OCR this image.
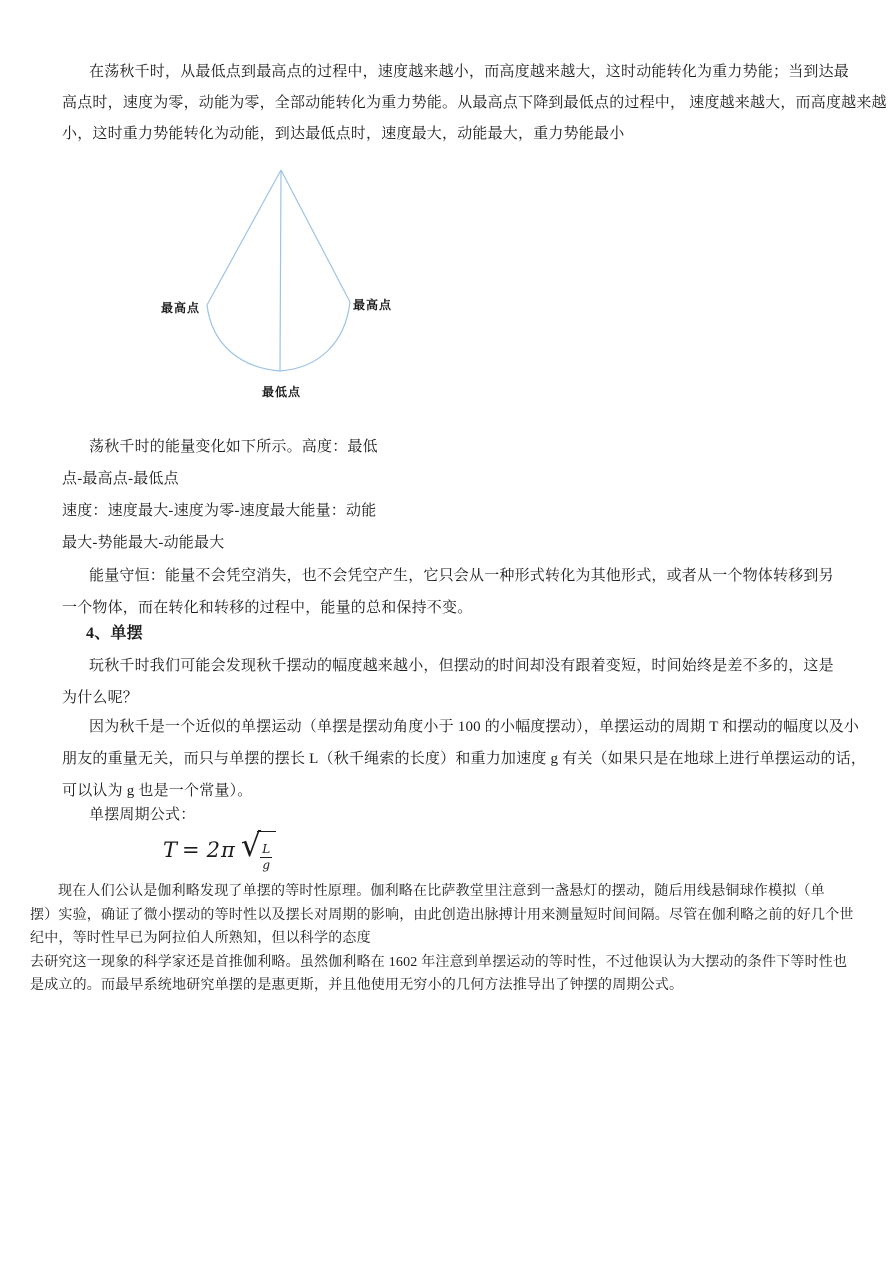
在荡秋千时，从最低点到最高点的过程中，速度越来越小，而高度越来越大，这时动能转化为重力势能；当到达最
高点时，速度为零，动能为零，全部动能转化为重力势能。从最高点下降到最低点的过程中， 速度越来越大，而高度越来越
小，这时重力势能转化为动能，到达最低点时，速度最大，动能最大，重力势能最小
最高点	最高点
最低点
荡秋千时的能量变化如下所示。高度：最低
点-最高点-最低点
速度：速度最大-速度为零-速度最大能量：动能
最大-势能最大-动能最大
能量守恒：能量不会凭空消失，也不会凭空产生，它只会从一种形式转化为其他形式，或者从一个物体转移到另
一个物体，而在转化和转移的过程中，能量的总和保持不变。
4、单摆
玩秋千时我们可能会发现秋千摆动的幅度越来越小，但摆动的时间却没有跟着变短，时间始终是差不多的，这是
为什么呢？
因为秋千是一个近似的单摆运动（单摆是摆动角度小于 100 的小幅度摆动），单摆运动的周期 T 和摆动的幅度以及小
朋友的重量无关，而只与单摆的摆长 L（秋千绳索的长度）和重力加速度 g 有关（如果只是在地球上进行单摆运动的话，
可以认为 g 也是一个常量）。
单摆周期公式：
T = 2π √ $\frac{L}{g}$
现在人们公认是伽利略发现了单摆的等时性原理。伽利略在比萨教堂里注意到一盏悬灯的摆动，随后用线悬铜球作模拟（单
摆）实验，确证了微小摆动的等时性以及摆长对周期的影响，由此创造出脉搏计用来测量短时间间隔。尽管在伽利略之前的好几个世
纪中，等时性早已为阿拉伯人所熟知，但以科学的态度
去研究这一现象的科学家还是首推伽利略。虽然伽利略在 1602 年注意到单摆运动的等时性，不过他误认为大摆动的条件下等时性也
是成立的。而最早系统地研究单摆的是惠更斯，并且他使用无穷小的几何方法推导出了钟摆的周期公式。
